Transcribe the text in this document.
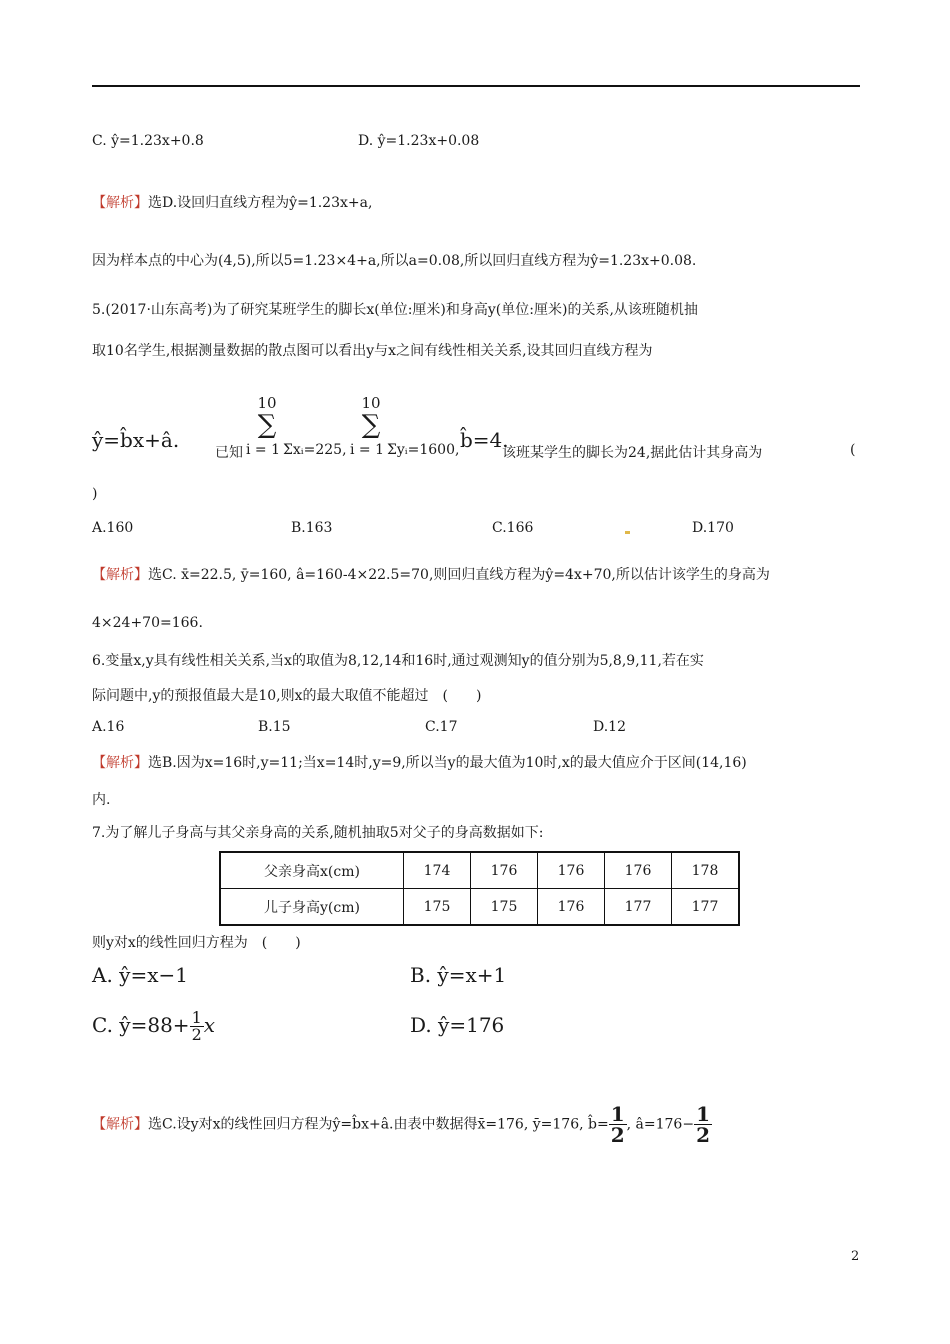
C. ŷ=1.23x+0.8	D. ŷ=1.23x+0.08
【解析】选D.设回归直线方程为ŷ=1.23x+a,
因为样本点的中心为(4,5),所以5=1.23×4+a,所以a=0.08,所以回归直线方程为ŷ=1.23x+0.08.
5.(2017·山东高考)为了研究某班学生的脚长x(单位:厘米)和身高y(单位:厘米)的关系,从该班随机抽
取10名学生,根据测量数据的散点图可以看出y与x之间有线性相关关系,设其回归直线方程为
ŷ=b̂x+â.
已知
10
∑
i = 1 Σxᵢ=225,
10
∑
i = 1 Σyᵢ=1600, b̂=4.
该班某学生的脚长为24,据此估计其身高为	(
)
A.160	B.163	C.166	D.170
【解析】选C. x̄=22.5, ȳ=160, â=160-4×22.5=70,则回归直线方程为ŷ=4x+70,所以估计该学生的身高为
4×24+70=166.
6.变量x,y具有线性相关关系,当x的取值为8,12,14和16时,通过观测知y的值分别为5,8,9,11,若在实
际问题中,y的预报值最大是10,则x的最大取值不能超过　(　　)
A.16	B.15	C.17	D.12
【解析】选B.因为x=16时,y=11;当x=14时,y=9,所以当y的最大值为10时,x的最大值应介于区间(14,16)
内.
7.为了解儿子身高与其父亲身高的关系,随机抽取5对父子的身高数据如下:
父亲身高x(cm)	174	176	176	176	178
儿子身高y(cm)	175	175	176	177	177
则y对x的线性回归方程为　(　　)
A. ŷ=x−1	B. ŷ=x+1
C. ŷ=88+ $\frac{1}{2}$ x	D. ŷ=176
【解析】选C.设y对x的线性回归方程为ŷ=b̂x+â.由表中数据得x̄=176, ȳ=176, b̂= $\frac{1}{2}$ , â=176− $\frac{1}{2}$
2
